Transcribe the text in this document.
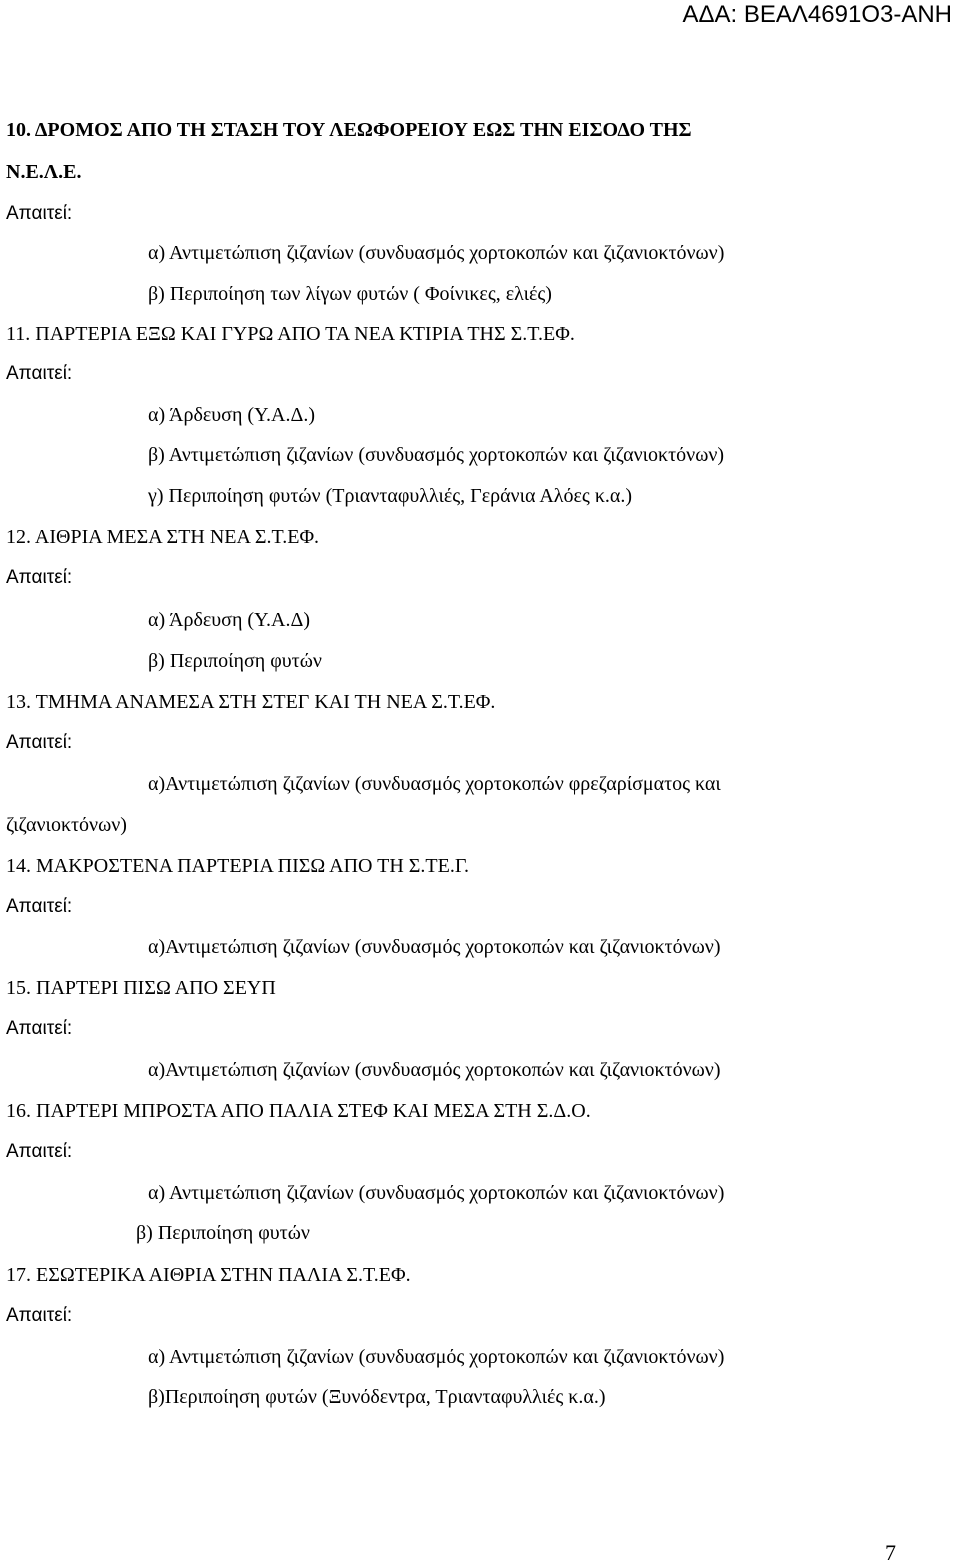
ΑΔΑ: ΒΕΑΛ4691Ο3-ΑΝΗ
10. ΔΡΟΜΟΣ ΑΠΟ ΤΗ ΣΤΑΣΗ ΤΟΥ ΛΕΩΦΟΡΕΙΟΥ ΕΩΣ ΤΗΝ ΕΙΣΟΔΟ ΤΗΣ
Ν.Ε.Λ.Ε.
Απαιτεί:
α) Αντιμετώπιση ζιζανίων (συνδυασμός χορτοκοπών και ζιζανιοκτόνων)
β) Περιποίηση των λίγων φυτών ( Φοίνικες, ελιές)
11. ΠΑΡΤΕΡΙΑ ΕΞΩ ΚΑΙ ΓΥΡΩ ΑΠΟ ΤΑ ΝΕΑ ΚΤΙΡΙΑ ΤΗΣ Σ.Τ.ΕΦ.
Απαιτεί:
α) Άρδευση (Υ.Α.Δ.)
β) Αντιμετώπιση ζιζανίων (συνδυασμός χορτοκοπών και ζιζανιοκτόνων)
γ) Περιποίηση φυτών (Τριανταφυλλιές, Γεράνια Αλόες κ.α.)
12. ΑΙΘΡΙΑ ΜΕΣΑ ΣΤΗ ΝΕΑ Σ.Τ.ΕΦ.
Απαιτεί:
α) Άρδευση (Υ.Α.Δ)
β) Περιποίηση φυτών
13. ΤΜΗΜΑ ΑΝΑΜΕΣΑ ΣΤΗ ΣΤΕΓ ΚΑΙ ΤΗ ΝΕΑ Σ.Τ.ΕΦ.
Απαιτεί:
α)Αντιμετώπιση ζιζανίων (συνδυασμός χορτοκοπών φρεζαρίσματος και
ζιζανιοκτόνων)
14. ΜΑΚΡΟΣΤΕΝΑ ΠΑΡΤΕΡΙΑ ΠΙΣΩ ΑΠΟ ΤΗ Σ.ΤΕ.Γ.
Απαιτεί:
α)Αντιμετώπιση ζιζανίων (συνδυασμός χορτοκοπών και ζιζανιοκτόνων)
15. ΠΑΡΤΕΡΙ ΠΙΣΩ ΑΠΟ ΣΕΥΠ
Απαιτεί:
α)Αντιμετώπιση ζιζανίων (συνδυασμός χορτοκοπών και ζιζανιοκτόνων)
16. ΠΑΡΤΕΡΙ ΜΠΡΟΣΤΑ ΑΠΟ ΠΑΛΙΑ ΣΤΕΦ ΚΑΙ ΜΕΣΑ ΣΤΗ Σ.Δ.Ο.
Απαιτεί:
α) Αντιμετώπιση ζιζανίων (συνδυασμός χορτοκοπών και ζιζανιοκτόνων)
β) Περιποίηση φυτών
17. ΕΣΩΤΕΡΙΚΑ ΑΙΘΡΙΑ ΣΤΗΝ ΠΑΛΙΑ Σ.Τ.ΕΦ.
Απαιτεί:
α) Αντιμετώπιση ζιζανίων (συνδυασμός χορτοκοπών και ζιζανιοκτόνων)
β)Περιποίηση φυτών (Ξυνόδεντρα, Τριανταφυλλιές κ.α.)
7
